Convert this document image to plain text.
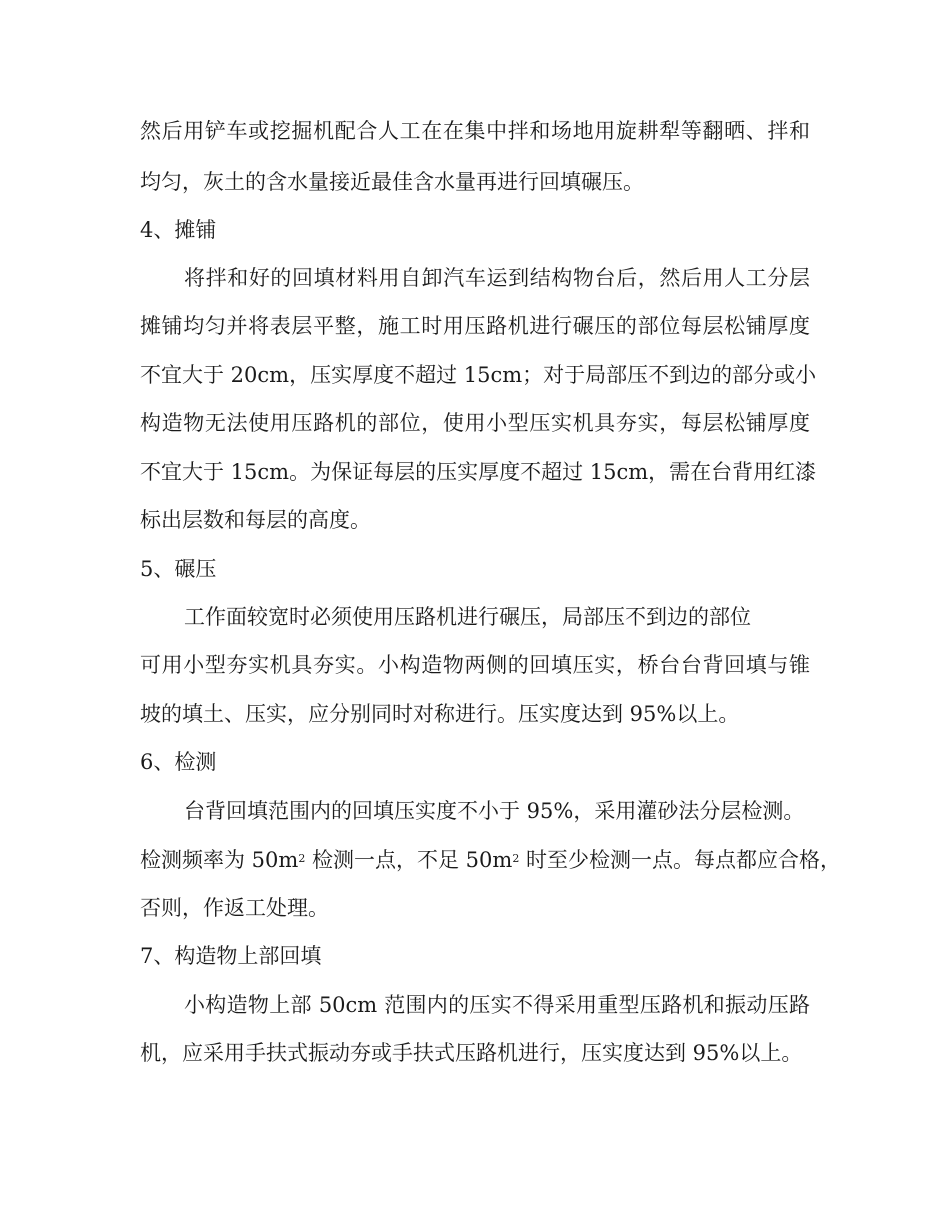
然后用铲车或挖掘机配合人工在在集中拌和场地用旋耕犁等翻晒、拌和
均匀，灰土的含水量接近最佳含水量再进行回填碾压。
4、摊铺
将拌和好的回填材料用自卸汽车运到结构物台后，然后用人工分层
摊铺均匀并将表层平整，施工时用压路机进行碾压的部位每层松铺厚度
不宜大于 20cm，压实厚度不超过 15cm；对于局部压不到边的部分或小
构造物无法使用压路机的部位，使用小型压实机具夯实，每层松铺厚度
不宜大于 15cm。为保证每层的压实厚度不超过 15cm，需在台背用红漆
标出层数和每层的高度。
5、碾压
工作面较宽时必须使用压路机进行碾压，局部压不到边的部位
可用小型夯实机具夯实。小构造物两侧的回填压实，桥台台背回填与锥
坡的填土、压实，应分别同时对称进行。压实度达到 95%以上。
6、检测
台背回填范围内的回填压实度不小于 95%，采用灌砂法分层检测。
检测频率为 $50m^2$ 检测一点，不足 $50m^2$ 时至少检测一点。每点都应合格，
否则，作返工处理。
7、构造物上部回填
小构造物上部 50cm 范围内的压实不得采用重型压路机和振动压路
机，应采用手扶式振动夯或手扶式压路机进行，压实度达到 95%以上。
